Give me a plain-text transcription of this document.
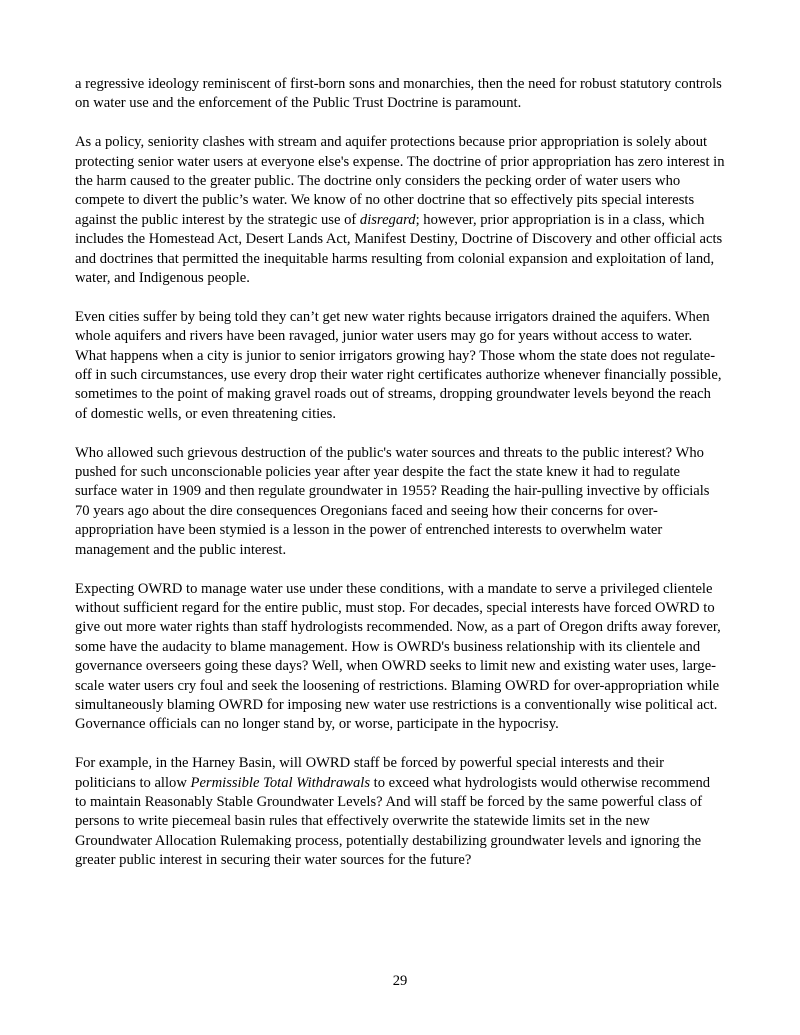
a regressive ideology reminiscent of first-born sons and monarchies, then the need for robust statutory controls on water use and the enforcement of the Public Trust Doctrine is paramount.

As a policy, seniority clashes with stream and aquifer protections because prior appropriation is solely about protecting senior water users at everyone else's expense. The doctrine of prior appropriation has zero interest in the harm caused to the greater public. The doctrine only considers the pecking order of water users who compete to divert the public’s water. We know of no other doctrine that so effectively pits special interests against the public interest by the strategic use of disregard; however, prior appropriation is in a class, which includes the Homestead Act, Desert Lands Act, Manifest Destiny, Doctrine of Discovery and other official acts and doctrines that permitted the inequitable harms resulting from colonial expansion and exploitation of land, water, and Indigenous people.

Even cities suffer by being told they can’t get new water rights because irrigators drained the aquifers. When whole aquifers and rivers have been ravaged, junior water users may go for years without access to water. What happens when a city is junior to senior irrigators growing hay? Those whom the state does not regulate-off in such circumstances, use every drop their water right certificates authorize whenever financially possible, sometimes to the point of making gravel roads out of streams, dropping groundwater levels beyond the reach of domestic wells, or even threatening cities.

Who allowed such grievous destruction of the public's water sources and threats to the public interest? Who pushed for such unconscionable policies year after year despite the fact the state knew it had to regulate surface water in 1909 and then regulate groundwater in 1955? Reading the hair-pulling invective by officials 70 years ago about the dire consequences Oregonians faced and seeing how their concerns for over-appropriation have been stymied is a lesson in the power of entrenched interests to overwhelm water management and the public interest.

Expecting OWRD to manage water use under these conditions, with a mandate to serve a privileged clientele without sufficient regard for the entire public, must stop. For decades, special interests have forced OWRD to give out more water rights than staff hydrologists recommended. Now, as a part of Oregon drifts away forever, some have the audacity to blame management. How is OWRD's business relationship with its clientele and governance overseers going these days? Well, when OWRD seeks to limit new and existing water uses, large-scale water users cry foul and seek the loosening of restrictions. Blaming OWRD for over-appropriation while simultaneously blaming OWRD for imposing new water use restrictions is a conventionally wise political act. Governance officials can no longer stand by, or worse, participate in the hypocrisy.

For example, in the Harney Basin, will OWRD staff be forced by powerful special interests and their politicians to allow Permissible Total Withdrawals to exceed what hydrologists would otherwise recommend to maintain Reasonably Stable Groundwater Levels? And will staff be forced by the same powerful class of persons to write piecemeal basin rules that effectively overwrite the statewide limits set in the new Groundwater Allocation Rulemaking process, potentially destabilizing groundwater levels and ignoring the greater public interest in securing their water sources for the future?

29
